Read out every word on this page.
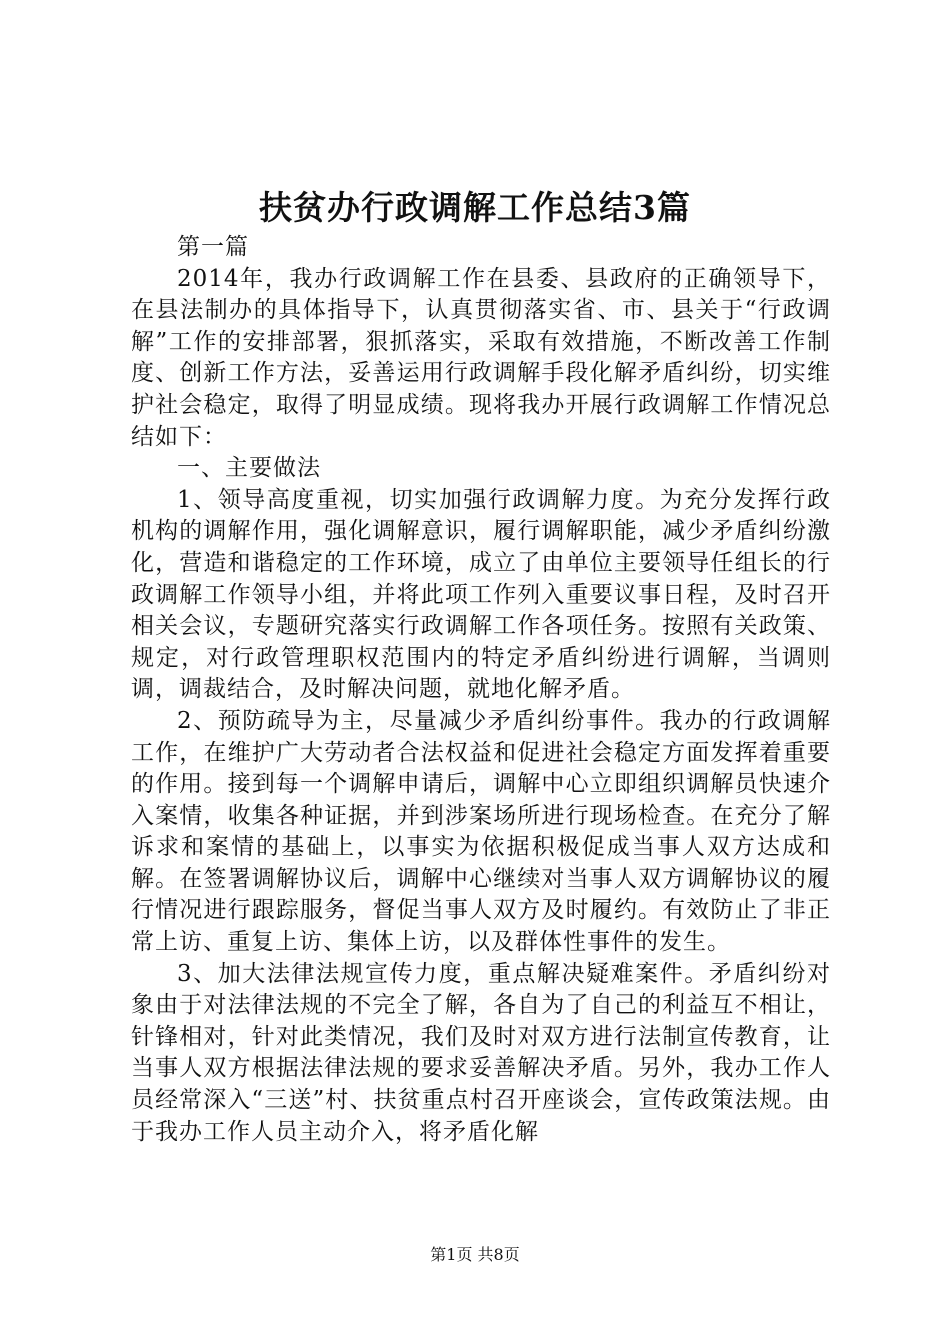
扶贫办行政调解工作总结3篇

第一篇

2014年，我办行政调解工作在县委、县政府的正确领导下，在县法制办的具体指导下，认真贯彻落实省、市、县关于“行政调解”工作的安排部署，狠抓落实，采取有效措施，不断改善工作制度、创新工作方法，妥善运用行政调解手段化解矛盾纠纷，切实维护社会稳定，取得了明显成绩。现将我办开展行政调解工作情况总结如下：

一、主要做法

1、领导高度重视，切实加强行政调解力度。为充分发挥行政机构的调解作用，强化调解意识，履行调解职能，减少矛盾纠纷激化，营造和谐稳定的工作环境，成立了由单位主要领导任组长的行政调解工作领导小组，并将此项工作列入重要议事日程，及时召开相关会议，专题研究落实行政调解工作各项任务。按照有关政策、规定，对行政管理职权范围内的特定矛盾纠纷进行调解，当调则调，调裁结合，及时解决问题，就地化解矛盾。

2、预防疏导为主，尽量减少矛盾纠纷事件。我办的行政调解工作，在维护广大劳动者合法权益和促进社会稳定方面发挥着重要的作用。接到每一个调解申请后，调解中心立即组织调解员快速介入案情，收集各种证据，并到涉案场所进行现场检查。在充分了解诉求和案情的基础上，以事实为依据积极促成当事人双方达成和解。在签署调解协议后，调解中心继续对当事人双方调解协议的履行情况进行跟踪服务，督促当事人双方及时履约。有效防止了非正常上访、重复上访、集体上访，以及群体性事件的发生。

3、加大法律法规宣传力度，重点解决疑难案件。矛盾纠纷对象由于对法律法规的不完全了解，各自为了自己的利益互不相让，针锋相对，针对此类情况，我们及时对双方进行法制宣传教育，让当事人双方根据法律法规的要求妥善解决矛盾。另外，我办工作人员经常深入“三送”村、扶贫重点村召开座谈会，宣传政策法规。由于我办工作人员主动介入，将矛盾化解

第1页 共8页
